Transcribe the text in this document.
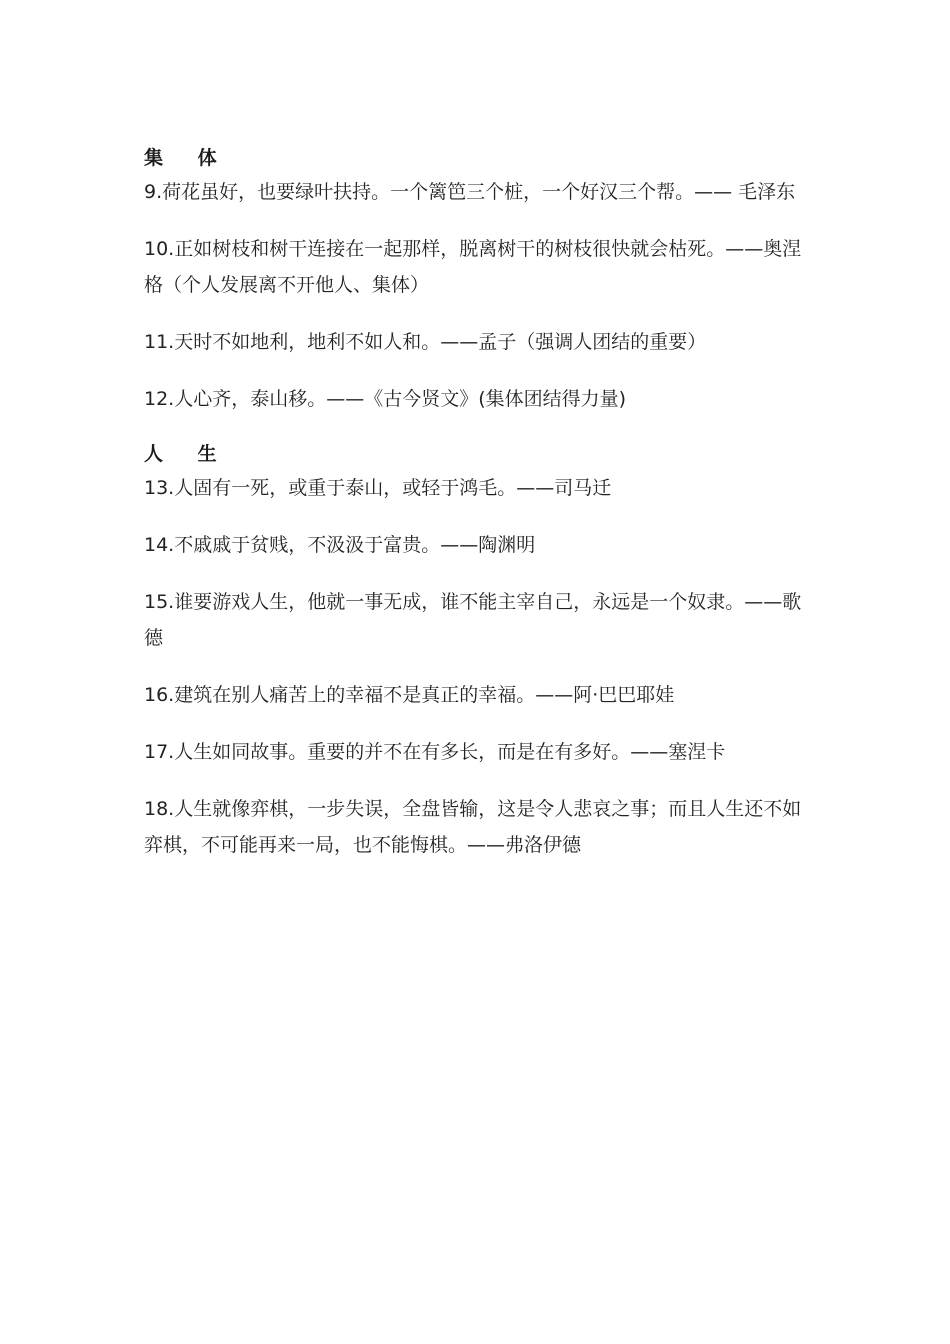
集 体

9.荷花虽好，也要绿叶扶持。一个篱笆三个桩，一个好汉三个帮。—— 毛泽东

10.正如树枝和树干连接在一起那样，脱离树干的树枝很快就会枯死。——奥涅格（个人发展离不开他人、集体）

11.天时不如地利，地利不如人和。——孟子（强调人团结的重要）

12.人心齐，泰山移。——《古今贤文》(集体团结得力量)

人 生

13.人固有一死，或重于泰山，或轻于鸿毛。——司马迁

14.不戚戚于贫贱，不汲汲于富贵。——陶渊明

15.谁要游戏人生，他就一事无成，谁不能主宰自己，永远是一个奴隶。——歌德

16.建筑在别人痛苦上的幸福不是真正的幸福。——阿·巴巴耶娃

17.人生如同故事。重要的并不在有多长，而是在有多好。——塞涅卡

18.人生就像弈棋，一步失误，全盘皆输，这是令人悲哀之事；而且人生还不如弈棋，不可能再来一局，也不能悔棋。——弗洛伊德
